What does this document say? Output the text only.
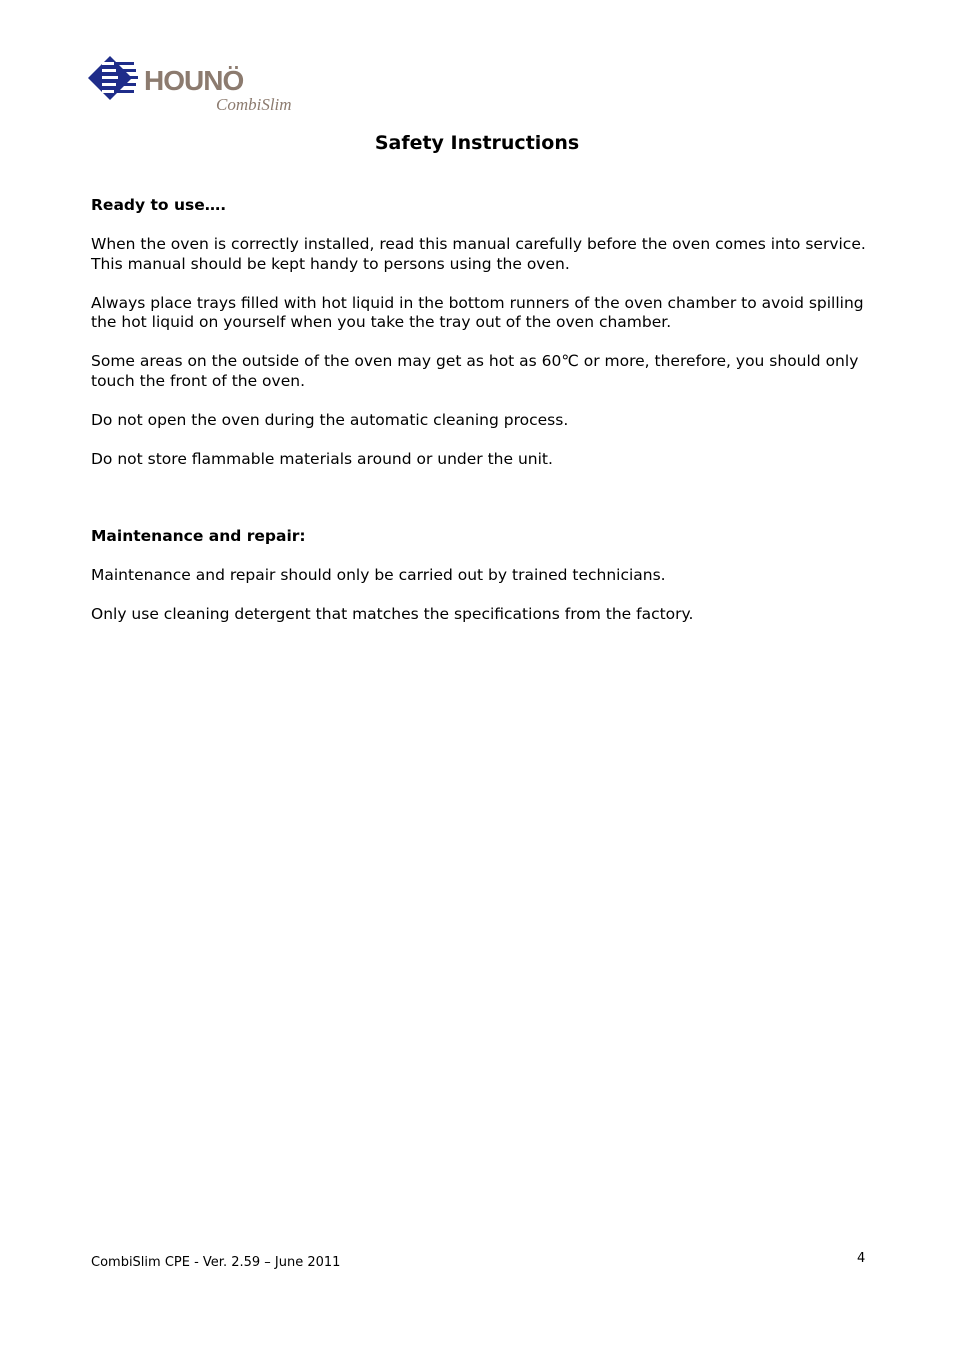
HOUNÖ
CombiSlim
Safety Instructions
Ready to use….

When the oven is correctly installed, read this manual carefully before the oven comes into service.

This manual should be kept handy to persons using the oven.

Always place trays filled with hot liquid in the bottom runners of the oven chamber to avoid spilling the hot liquid on yourself when you take the tray out of the oven chamber.

Some areas on the outside of the oven may get as hot as 60℃ or more, therefore, you should only touch the front of the oven.

Do not open the oven during the automatic cleaning process.

Do not store flammable materials around or under the unit.

Maintenance and repair:

Maintenance and repair should only be carried out by trained technicians.

Only use cleaning detergent that matches the specifications from the factory.

CombiSlim CPE - Ver. 2.59 – June 2011	4
